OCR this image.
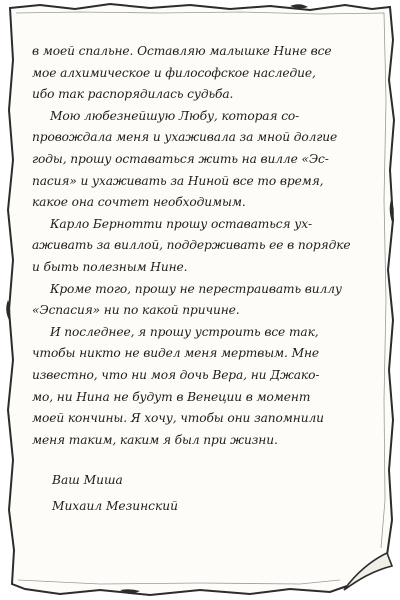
в моей спальне. Оставляю малышке Нине все
мое алхимическое и философское наследие,
ибо так распорядилась судьба.
Мою любезнейшую Любу, которая со-
провождала меня и ухаживала за мной долгие
годы, прошу оставаться жить на вилле «Эс-
пасия» и ухаживать за Ниной все то время,
какое она сочтет необходимым.
Карло Бернотти прошу оставаться ух-
аживать за виллой, поддерживать ее в порядке
и быть полезным Нине.
Кроме того, прошу не перестраивать виллу
«Эспасия» ни по какой причине.
И последнее, я прошу устроить все так,
чтобы никто не видел меня мертвым. Мне
известно, что ни моя дочь Вера, ни Джако-
мо, ни Нина не будут в Венеции в момент
моей кончины. Я хочу, чтобы они запомнили
меня таким, каким я был при жизни.
Ваш Миша
Михаил Мезинский
